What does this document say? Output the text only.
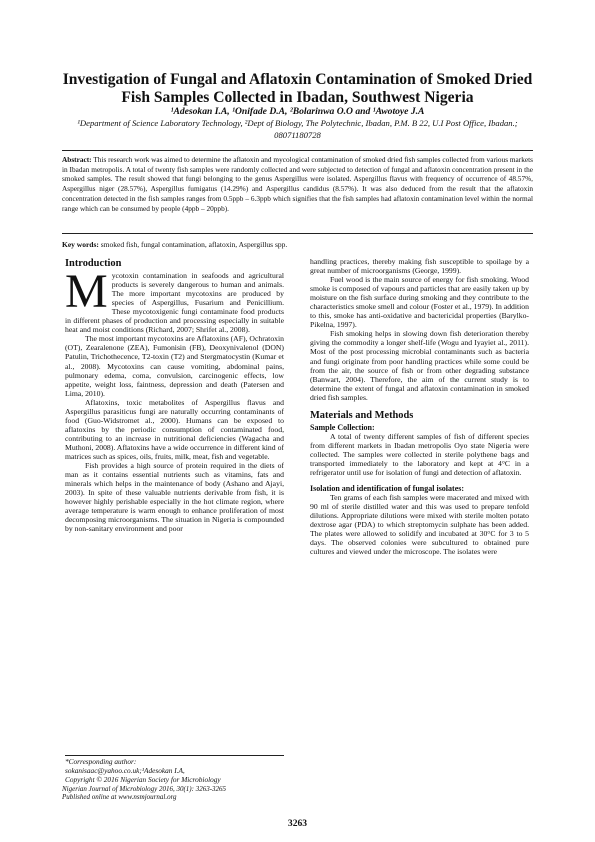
Investigation of Fungal and Aflatoxin Contamination of Smoked Dried Fish Samples Collected in Ibadan, Southwest Nigeria

¹Adesokan I.A, ¹Onifade D.A, ²Bolarinwa O.O and ¹Awotoye J.A

¹Department of Science Laboratory Technology, ²Dept of Biology, The Polytechnic, Ibadan, P.M. B 22, U.I Post Office, Ibadan.; 08071180728

Abstract: This research work was aimed to determine the aflatoxin and mycological contamination of smoked dried fish samples collected from various markets in Ibadan metropolis. A total of twenty fish samples were randomly collected and were subjected to detection of fungal and aflatoxin concentration present in the smoked samples. The result showed that fungi belonging to the genus Aspergillus were isolated. Aspergillus flavus with frequency of occurrence of 48.57%, Aspergillus niger (28.57%), Aspergillus fumigatus (14.29%) and Aspergillus candidus (8.57%). It was also deduced from the result that the aflatoxin concentration detected in the fish samples ranges from 0.5ppb – 6.3ppb which signifies that the fish samples had aflatoxin contamination level within the normal range which can be consumed by people (4ppb – 20ppb).

Key words: smoked fish, fungal contamination, aflatoxin, Aspergillus spp.

Introduction

Mycotoxin contamination in seafoods and agricultural products is severely dangerous to human and animals. The more important mycotoxins are produced by species of Aspergillus, Fusarium and Penicillium. These mycotoxigenic fungi contaminate food products in different phases of production and processing especially in suitable heat and moist conditions (Richard, 2007; Shrifet al., 2008).

The most important mycotoxins are Aflatoxins (AF), Ochratoxin (OT), Zearalenone (ZEA), Fumonisin (FB), Deoxynivalenol (DON) Patulin, Trichothecence, T2-toxin (T2) and Stergmatocystin (Kumar et al., 2008). Mycotoxins can cause vomiting, abdominal pains, pulmonary edema, coma, convulsion, carcinogenic effects, low appetite, weight loss, faintness, depression and death (Patersen and Lima, 2010).

Aflatoxins, toxic metabolites of Aspergillus flavus and Aspergillus parasiticus fungi are naturally occurring contaminants of food (Guo-Widstromet al., 2000). Humans can be exposed to aflatoxins by the periodic consumption of contaminated food, contributing to an increase in nutritional deficiencies (Wagacha and Muthoni, 2008). Aflatoxins have a wide occurrence in different kind of matrices such as spices, oils, fruits, milk, meat, fish and vegetable.

Fish provides a high source of protein required in the diets of man as it contains essential nutrients such as vitamins, fats and minerals which helps in the maintenance of body (Ashano and Ajayi, 2003). In spite of these valuable nutrients derivable from fish, it is however highly perishable especially in the hot climate region, where average temperature is warm enough to enhance proliferation of most decomposing microorganisms. The situation in Nigeria is compounded by non-sanitary environment and poor

handling practices, thereby making fish susceptible to spoilage by a great number of microorganisms (George, 1999).

Fuel wood is the main source of energy for fish smoking. Wood smoke is composed of vapours and particles that are easily taken up by moisture on the fish surface during smoking and they contribute to the characteristics smoke smell and colour (Foster et al., 1979). In addition to this, smoke has anti-oxidative and bactericidal properties (Barylko-Pikelna, 1997).

Fish smoking helps in slowing down fish deterioration thereby giving the commodity a longer shelf-life (Wogu and Iyayiet al., 2011). Most of the post processing microbial contaminants such as bacteria and fungi originate from poor handling practices while some could be from the air, the source of fish or from other degrading substance (Banwart, 2004). Therefore, the aim of the current study is to determine the extent of fungal and aflatoxin contamination in smoked dried fish samples.

Materials and Methods
Sample Collection:

A total of twenty different samples of fish of different species from different markets in Ibadan metropolis Oyo state Nigeria were collected. The samples were collected in sterile polythene bags and transported immediately to the laboratory and kept at 4°C in a refrigerator until use for isolation of fungi and detection of aflatoxin.

Isolation and identification of fungal isolates:

Ten grams of each fish samples were macerated and mixed with 90 ml of sterile distilled water and this was used to prepare tenfold dilutions. Appropriate dilutions were mixed with sterile molten potato dextrose agar (PDA) to which streptomycin sulphate has been added. The plates were allowed to solidify and incubated at 30°C for 3 to 5 days. The observed colonies were subcultured to obtained pure cultures and viewed under the microscope. The isolates were

*Corresponding author:
sokanisaac@yahoo.co.uk;¹Adesokan I.A,
Copyright © 2016 Nigerian Society for Microbiology
Nigerian Journal of Microbiology 2016, 30(1): 3263-3265
Published online at www.nsmjournal.org
3263
